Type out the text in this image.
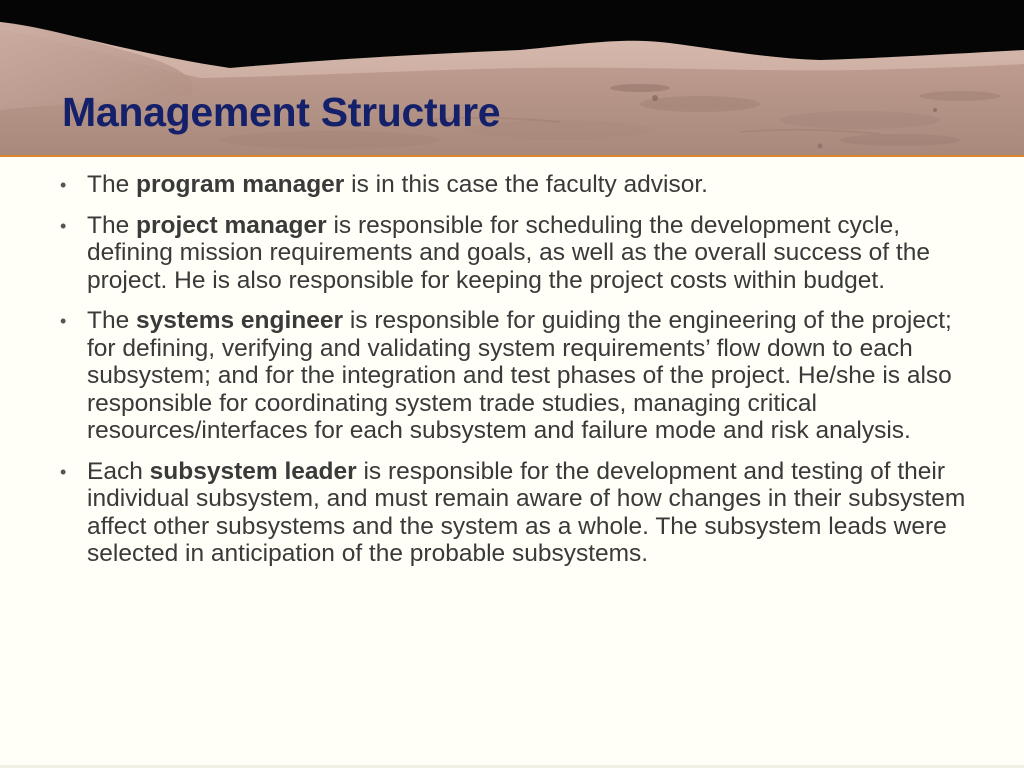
Management Structure
• The program manager is in this case the faculty advisor.
• The project manager is responsible for scheduling the development cycle, defining mission requirements and goals, as well as the overall success of the project. He is also responsible for keeping the project costs within budget.
• The systems engineer is responsible for guiding the engineering of the project; for defining, verifying and validating system requirements’ flow down to each subsystem; and for the integration and test phases of the project. He/she is also responsible for coordinating system trade studies, managing critical resources/interfaces for each subsystem and failure mode and risk analysis.
• Each subsystem leader is responsible for the development and testing of their individual subsystem, and must remain aware of how changes in their subsystem affect other subsystems and the system as a whole. The subsystem leads were selected in anticipation of the probable subsystems.
